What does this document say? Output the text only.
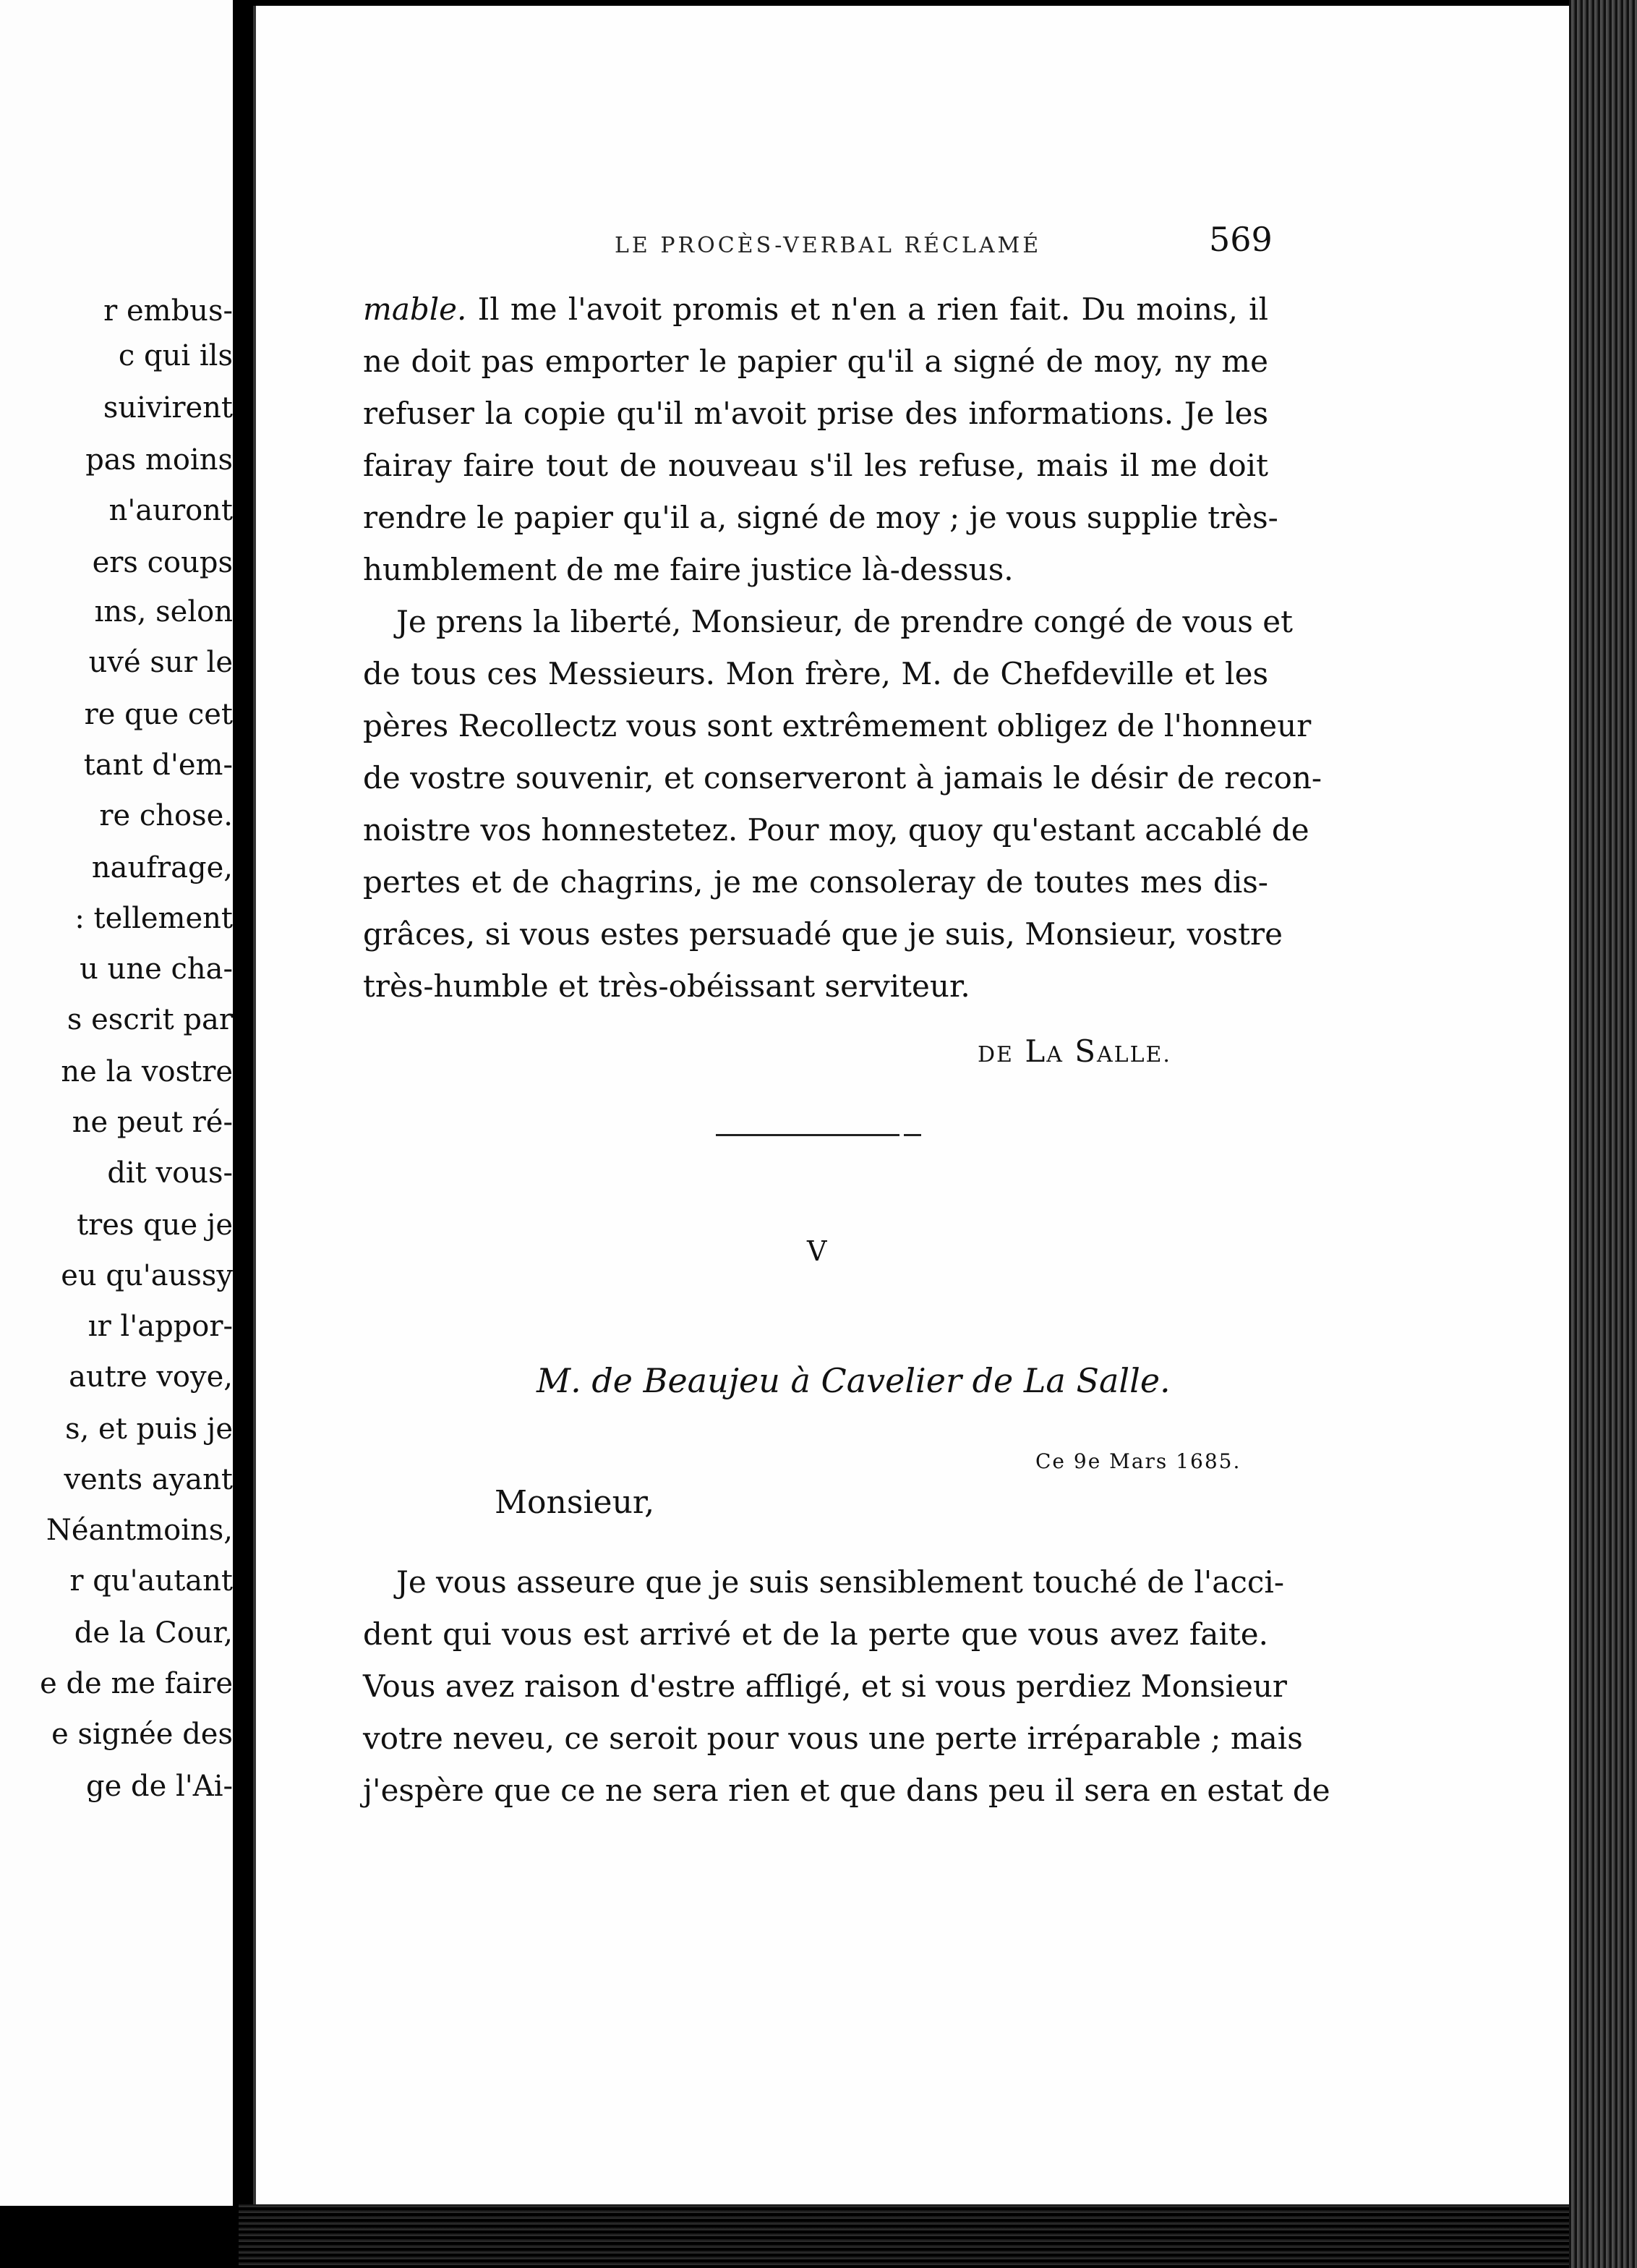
r embus-
c qui ils
suivirent
pas moins
n'auront
ers coups
ıns, selon
uvé sur le
re que cet
tant d'em-
re chose.
naufrage,
: tellement
u une cha-
s escrit par
ne la vostre
ne peut ré-
dit vous-
tres que je
eu qu'aussy
ır l'appor-
autre voye,
s, et puis je
vents ayant
Néantmoins,
r qu'autant
de la Cour,
e de me faire
e signée des
ge de l'Ai-
LE PROCÈS-VERBAL RÉCLAMÉ	569
mable. Il me l'avoit promis et n'en a rien fait. Du moins, il
ne doit pas emporter le papier qu'il a signé de moy, ny me
refuser la copie qu'il m'avoit prise des informations. Je les
fairay faire tout de nouveau s'il les refuse, mais il me doit
rendre le papier qu'il a, signé de moy ; je vous supplie très-
humblement de me faire justice là-dessus.
Je prens la liberté, Monsieur, de prendre congé de vous et
de tous ces Messieurs. Mon frère, M. de Chefdeville et les
pères Recollectz vous sont extrêmement obligez de l'honneur
de vostre souvenir, et conserveront à jamais le désir de recon-
noistre vos honnestetez. Pour moy, quoy qu'estant accablé de
pertes et de chagrins, je me consoleray de toutes mes dis-
grâces, si vous estes persuadé que je suis, Monsieur, vostre
très-humble et très-obéissant serviteur.
DE LA SALLE.
V
M. de Beaujeu à Cavelier de La Salle.
Ce 9e Mars 1685.
Monsieur,
Je vous asseure que je suis sensiblement touché de l'acci-
dent qui vous est arrivé et de la perte que vous avez faite.
Vous avez raison d'estre affligé, et si vous perdiez Monsieur
votre neveu, ce seroit pour vous une perte irréparable ; mais
j'espère que ce ne sera rien et que dans peu il sera en estat de
